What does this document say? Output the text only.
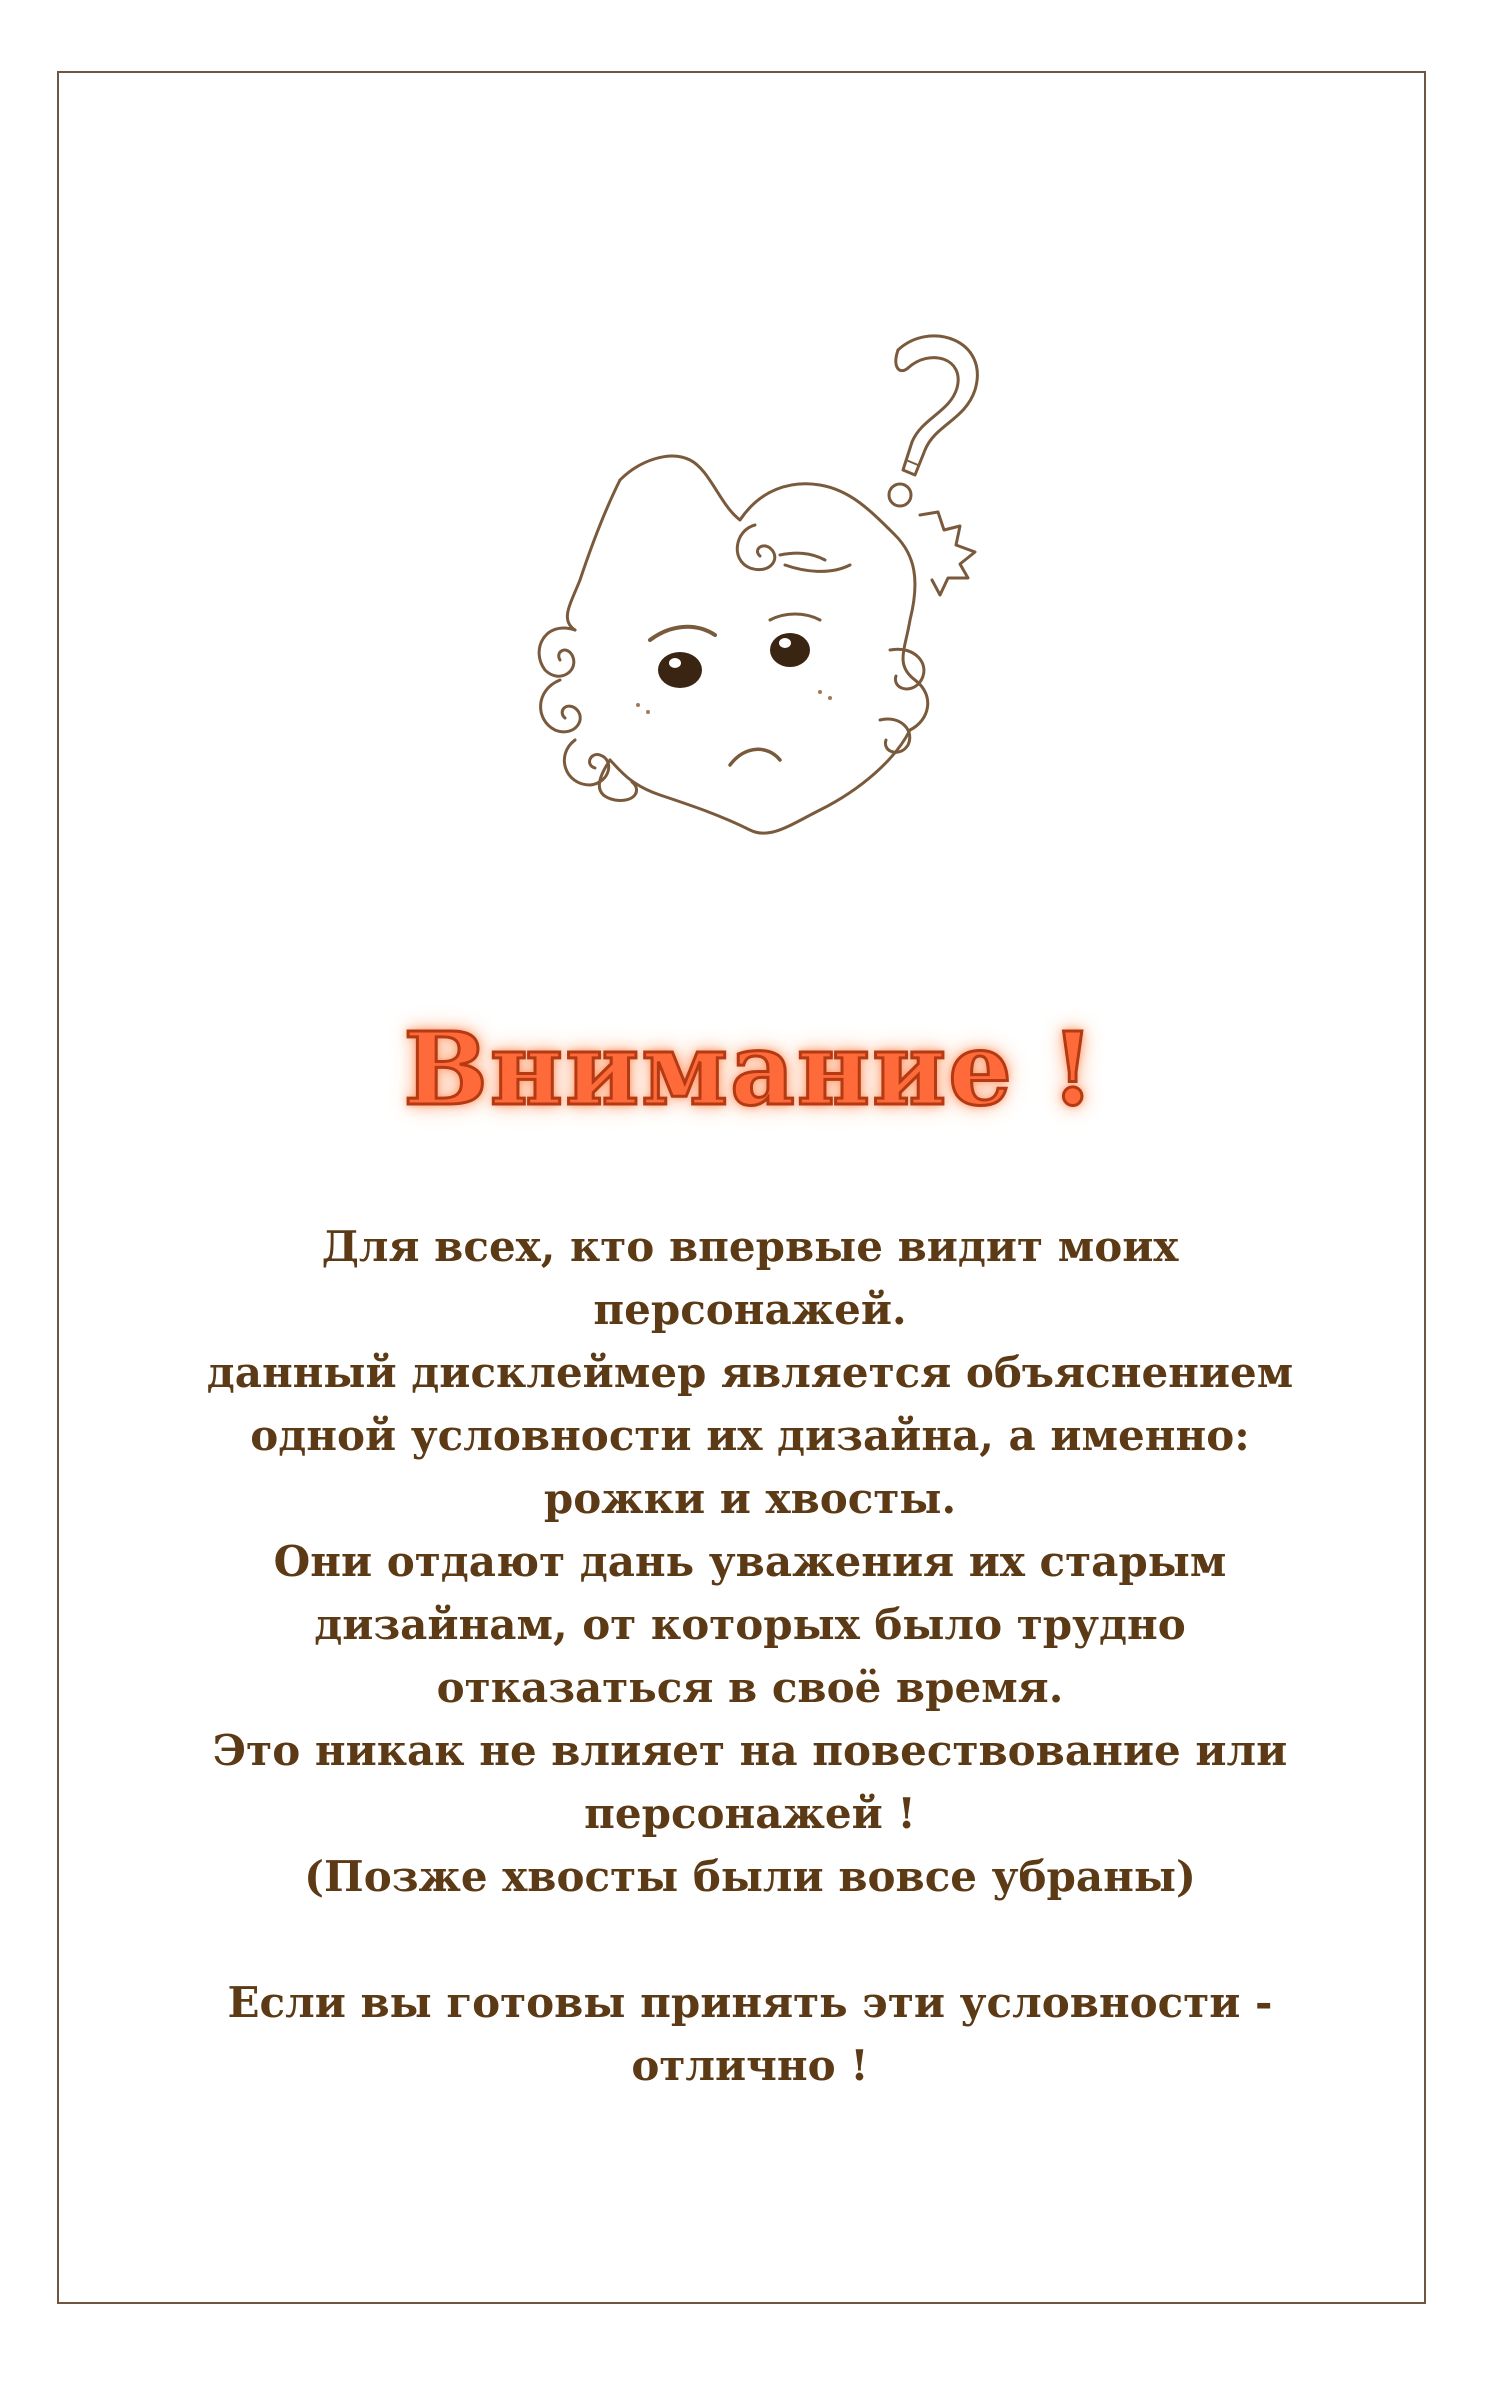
Внимание !
Для всех, кто впервые видит моих
персонажей.
данный дисклеймер является объяснением
одной условности их дизайна, а именно:
рожки и хвосты.
Они отдают дань уважения их старым
дизайнам, от которых было трудно
отказаться в своё время.
Это никак не влияет на повествование или
персонажей !
(Позже хвосты были вовсе убраны)
Если вы готовы принять эти условности -
отлично !
